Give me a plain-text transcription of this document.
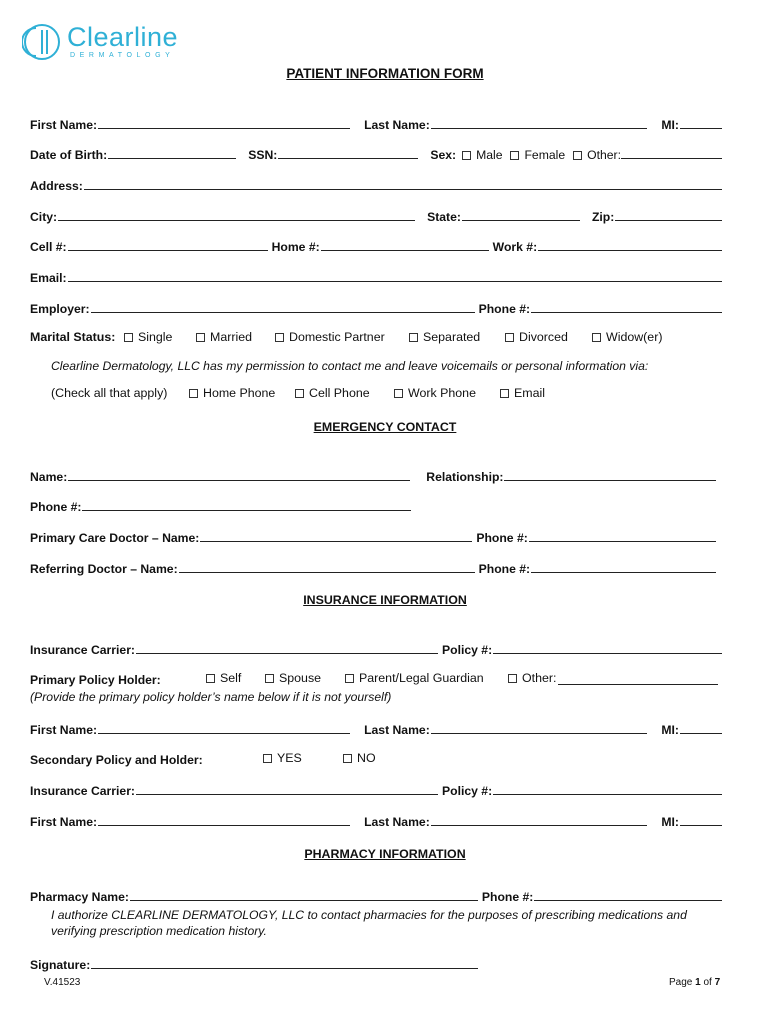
Clearline
DERMATOLOGY
PATIENT INFORMATION FORM
First Name:	Last Name:	MI:
Date of Birth:	SSN:	Sex:	Male	Female	Other:
Address:
City:	State:	Zip:
Cell #:	Home #:	Work #:
Email:
Employer:	Phone #:
Marital Status:	Single	Married	Domestic Partner	Separated	Divorced	Widow(er)
Clearline Dermatology, LLC has my permission to contact me and leave voicemails or personal information via:
(Check all that apply)	Home Phone	Cell Phone	Work Phone	Email
EMERGENCY CONTACT
Name:	Relationship:
Phone #:
Primary Care Doctor – Name:	Phone #:
Referring Doctor – Name:	Phone #:
INSURANCE INFORMATION
Insurance Carrier:	Policy #:
Primary Policy Holder:	Self	Spouse	Parent/Legal Guardian	Other:
(Provide the primary policy holder’s name below if it is not yourself)
First Name:	Last Name:	MI:
Secondary Policy and Holder:	YES	NO
Insurance Carrier:	Policy #:
First Name:	Last Name:	MI:
PHARMACY INFORMATION
Pharmacy Name:	Phone #:
I authorize CLEARLINE DERMATOLOGY, LLC to contact pharmacies for the purposes of prescribing medications and
verifying prescription medication history.
Signature:
V.41523	Page 1 of 7
